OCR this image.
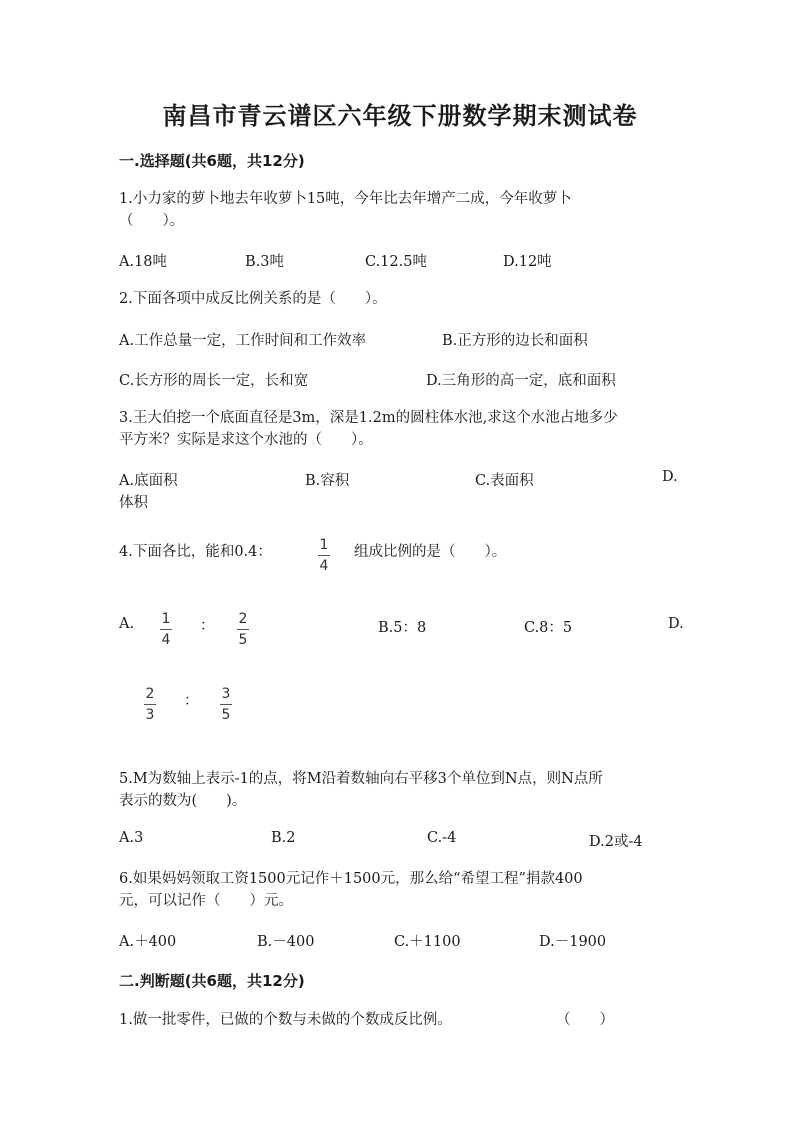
南昌市青云谱区六年级下册数学期末测试卷
一.选择题(共6题，共12分)
1.小力家的萝卜地去年收萝卜15吨，今年比去年增产二成，今年收萝卜
（　　）。
A.18吨	B.3吨	C.12.5吨	D.12吨
2.下面各项中成反比例关系的是（　　）。
A.工作总量一定，工作时间和工作效率	B.正方形的边长和面积
C.长方形的周长一定，长和宽	D.三角形的高一定，底和面积
3.王大伯挖一个底面直径是3m，深是1.2m的圆柱体水池,求这个水池占地多少
平方米？实际是求这个水池的（　　）。
A.底面积	B.容积	C.表面积	D.
体积
4.下面各比，能和0.4：	1
4
组成比例的是（　　）。
A. 1
4
： 2
5
B.5：8	C.8：5	D.
2
3
： 3
5
5.M为数轴上表示-1的点，将M沿着数轴向右平移3个单位到N点，则N点所
表示的数为(　　)。
A.3	B.2	C.-4	D.2或-4
6.如果妈妈领取工资1500元记作＋1500元，那么给“希望工程”捐款400
元，可以记作（　　）元。
A.＋400	B.－400	C.＋1100	D.－1900
二.判断题(共6题，共12分)
1.做一批零件，已做的个数与未做的个数成反比例。	（　　）
